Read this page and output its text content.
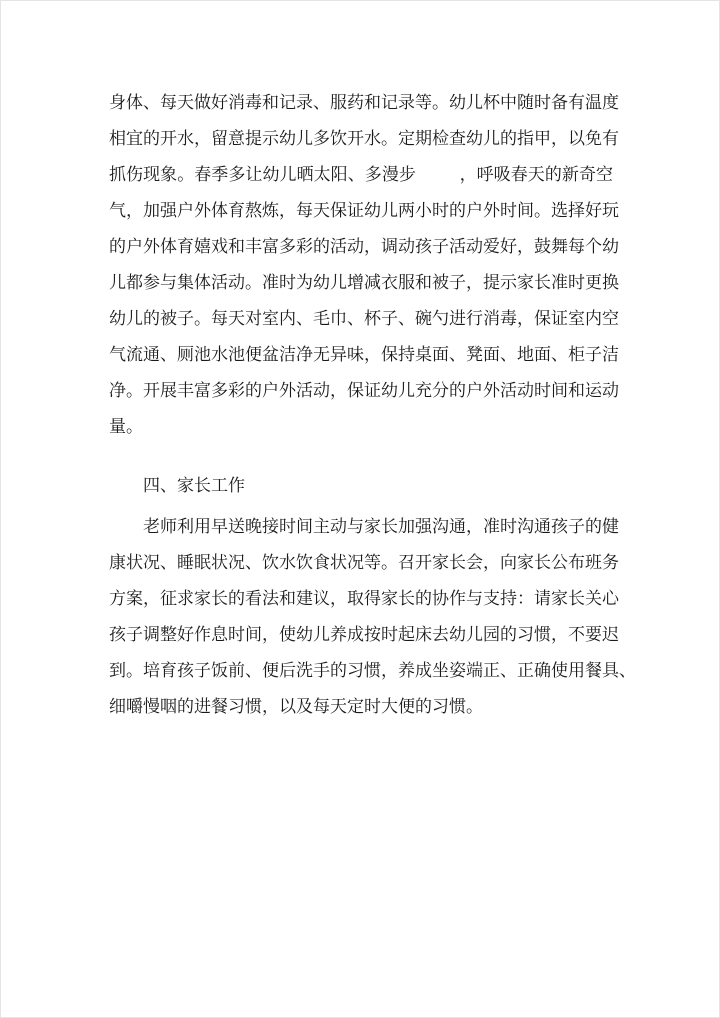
身体、每天做好消毒和记录、服药和记录等。幼儿杯中随时备有温度
相宜的开水，留意提示幼儿多饮开水。定期检查幼儿的指甲，以免有
抓伤现象。春季多让幼儿晒太阳、多漫步        ，呼吸春天的新奇空
气，加强户外体育熬炼，每天保证幼儿两小时的户外时间。选择好玩
的户外体育嬉戏和丰富多彩的活动，调动孩子活动爱好，鼓舞每个幼
儿都参与集体活动。准时为幼儿增减衣服和被子，提示家长准时更换
幼儿的被子。每天对室内、毛巾、杯子、碗勺进行消毒，保证室内空
气流通、厕池水池便盆洁净无异味，保持桌面、凳面、地面、柜子洁
净。开展丰富多彩的户外活动，保证幼儿充分的户外活动时间和运动
量。
四、家长工作
老师利用早送晚接时间主动与家长加强沟通，准时沟通孩子的健
康状况、睡眠状况、饮水饮食状况等。召开家长会，向家长公布班务
方案，征求家长的看法和建议，取得家长的协作与支持：请家长关心
孩子调整好作息时间，使幼儿养成按时起床去幼儿园的习惯，不要迟
到。培育孩子饭前、便后洗手的习惯，养成坐姿端正、正确使用餐具、
细嚼慢咽的进餐习惯，以及每天定时大便的习惯。
